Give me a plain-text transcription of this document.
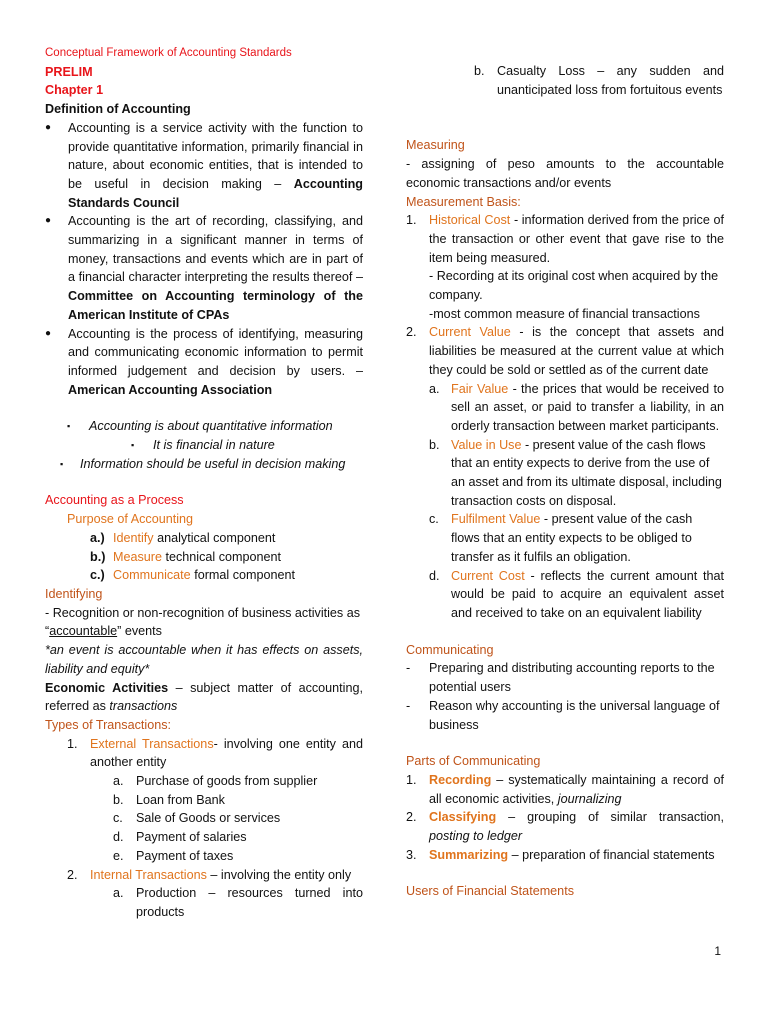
Conceptual Framework of Accounting Standards

PRELIM

Chapter 1

Definition of Accounting

●	Accounting is a service activity with the function to provide quantitative information, primarily financial in nature, about economic entities, that is intended to be useful in decision making – Accounting Standards Council
●	Accounting is the art of recording, classifying, and summarizing in a significant manner in terms of money, transactions and events which are in part of a financial character interpreting the results thereof – Committee on Accounting terminology of the American Institute of CPAs
●	Accounting is the process of identifying, measuring and communicating economic information to permit informed judgement and decision by users. – American Accounting Association
▪	Accounting is about quantitative information
▪	It is financial in nature
▪	Information should be useful in decision making

Accounting as a Process

Purpose of Accounting

a.) Identify analytical component
b.) Measure technical component
c.) Communicate formal component

Identifying

- Recognition or non-recognition of business activities as

“accountable” events

*an event is accountable when it has effects on assets, liability and equity*

Economic Activities – subject matter of accounting, referred as transactions

Types of Transactions:

1. External Transactions- involving one entity and another entity
a. Purchase of goods from supplier
b. Loan from Bank
c.	Sale of Goods or services
d. Payment of salaries
e. Payment of taxes
2. Internal Transactions – involving the entity only
a. Production – resources turned into products
b. Casualty Loss – any sudden and unanticipated loss from fortuitous events

Measuring

- assigning of peso amounts to the accountable economic transactions and/or events

Measurement Basis:

1. Historical Cost - information derived from the price of the transaction or other event that gave rise to the item being measured.
- Recording at its original cost when acquired by the company.
-most common measure of financial transactions
2. Current Value - is the concept that assets and liabilities be measured at the current value at which they could be sold or settled as of the current date
a. Fair Value - the prices that would be received to sell an asset, or paid to transfer a liability, in an orderly transaction between market participants.
b. Value in Use - present value of the cash flows that an entity expects to derive from the use of an asset and from its ultimate disposal, including transaction costs on disposal.
c. Fulfilment Value - present value of the cash flows that an entity expects to be obliged to transfer as it fulfils an obligation.
d. Current Cost - reflects the current amount that would be paid to acquire an equivalent asset and received to take on an equivalent liability

Communicating

-	Preparing and distributing accounting reports to the potential users
-	Reason why accounting is the universal language of business

Parts of Communicating

1. Recording – systematically maintaining a record of all economic activities, journalizing
2. Classifying – grouping of similar transaction, posting to ledger
3. Summarizing – preparation of financial statements

Users of Financial Statements

1
